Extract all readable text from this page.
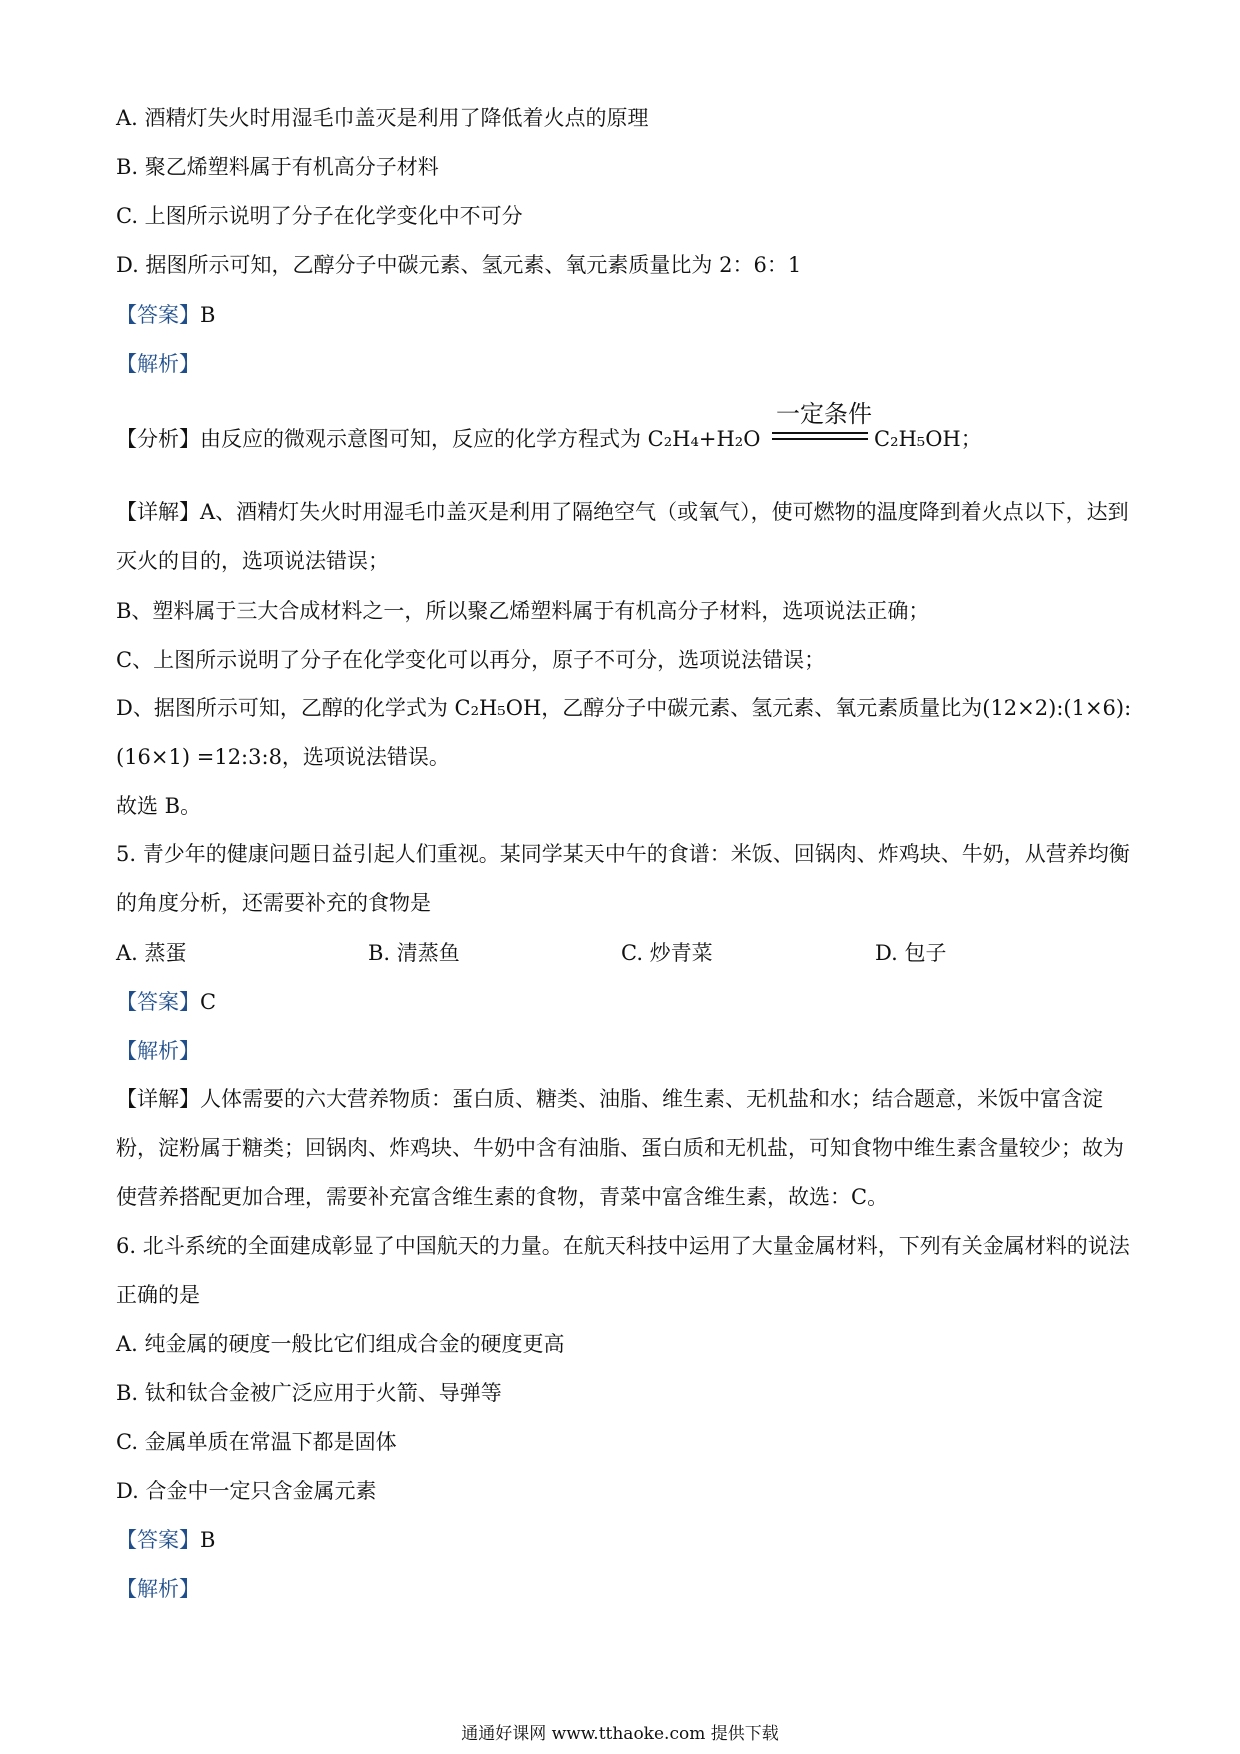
A. 酒精灯失火时用湿毛巾盖灭是利用了降低着火点的原理
B. 聚乙烯塑料属于有机高分子材料
C. 上图所示说明了分子在化学变化中不可分
D. 据图所示可知，乙醇分子中碳元素、氢元素、氧元素质量比为 2：6：1
【答案】B
【解析】
【分析】由反应的微观示意图可知，反应的化学方程式为 C₂H₄+H₂O
一定条件
C₂H₅OH；
【详解】A、酒精灯失火时用湿毛巾盖灭是利用了隔绝空气（或氧气），使可燃物的温度降到着火点以下，达到灭火的目的，选项说法错误；
B、塑料属于三大合成材料之一，所以聚乙烯塑料属于有机高分子材料，选项说法正确；
C、上图所示说明了分子在化学变化可以再分，原子不可分，选项说法错误；
D、据图所示可知，乙醇的化学式为 C₂H₅OH，乙醇分子中碳元素、氢元素、氧元素质量比为(12×2):(1×6):(16×1) =12:3:8，选项说法错误。
故选 B。
5. 青少年的健康问题日益引起人们重视。某同学某天中午的食谱：米饭、回锅肉、炸鸡块、牛奶，从营养均衡的角度分析，还需要补充的食物是
A. 蒸蛋	B. 清蒸鱼	C. 炒青菜	D. 包子
【答案】C
【解析】
【详解】人体需要的六大营养物质：蛋白质、糖类、油脂、维生素、无机盐和水；结合题意，米饭中富含淀粉，淀粉属于糖类；回锅肉、炸鸡块、牛奶中含有油脂、蛋白质和无机盐，可知食物中维生素含量较少；故为使营养搭配更加合理，需要补充富含维生素的食物，青菜中富含维生素，故选：C。
6. 北斗系统的全面建成彰显了中国航天的力量。在航天科技中运用了大量金属材料，下列有关金属材料的说法正确的是
A. 纯金属的硬度一般比它们组成合金的硬度更高
B. 钛和钛合金被广泛应用于火箭、导弹等
C. 金属单质在常温下都是固体
D. 合金中一定只含金属元素
【答案】B
【解析】
通通好课网 www.tthaoke.com 提供下载
